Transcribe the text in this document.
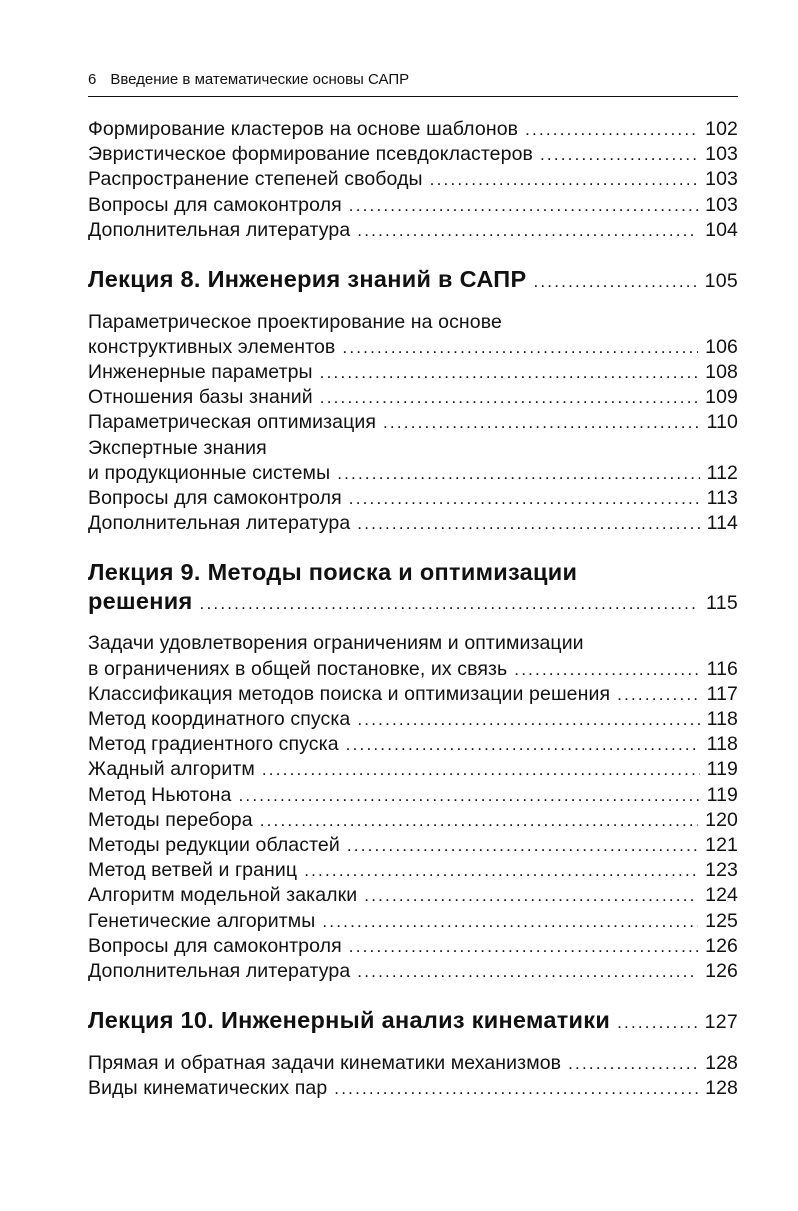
6 Введение в математические основы САПР
Формирование кластеров на основе шаблонов .....	102
Эвристическое формирование псевдокластеров .....	103
Распространение степеней свободы .....	103
Вопросы для самоконтроля .....	103
Дополнительная литература .....	104
Лекция 8. Инженерия знаний в САПР .....	105
Параметрическое проектирование на основе
конструктивных элементов .....	106
Инженерные параметры .....	108
Отношения базы знаний .....	109
Параметрическая оптимизация .....	110
Экспертные знания
и продукционные системы .....	112
Вопросы для самоконтроля .....	113
Дополнительная литература .....	114
Лекция 9. Методы поиска и оптимизации
решения .....	115
Задачи удовлетворения ограничениям и оптимизации
в ограничениях в общей постановке, их связь .....	116
Классификация методов поиска и оптимизации решения .....	117
Метод координатного спуска .....	118
Метод градиентного спуска .....	118
Жадный алгоритм .....	119
Метод Ньютона .....	119
Методы перебора .....	120
Методы редукции областей .....	121
Метод ветвей и границ .....	123
Алгоритм модельной закалки .....	124
Генетические алгоритмы .....	125
Вопросы для самоконтроля .....	126
Дополнительная литература .....	126
Лекция 10. Инженерный анализ кинематики .....	127
Прямая и обратная задачи кинематики механизмов .....	128
Виды кинематических пар .....	128
